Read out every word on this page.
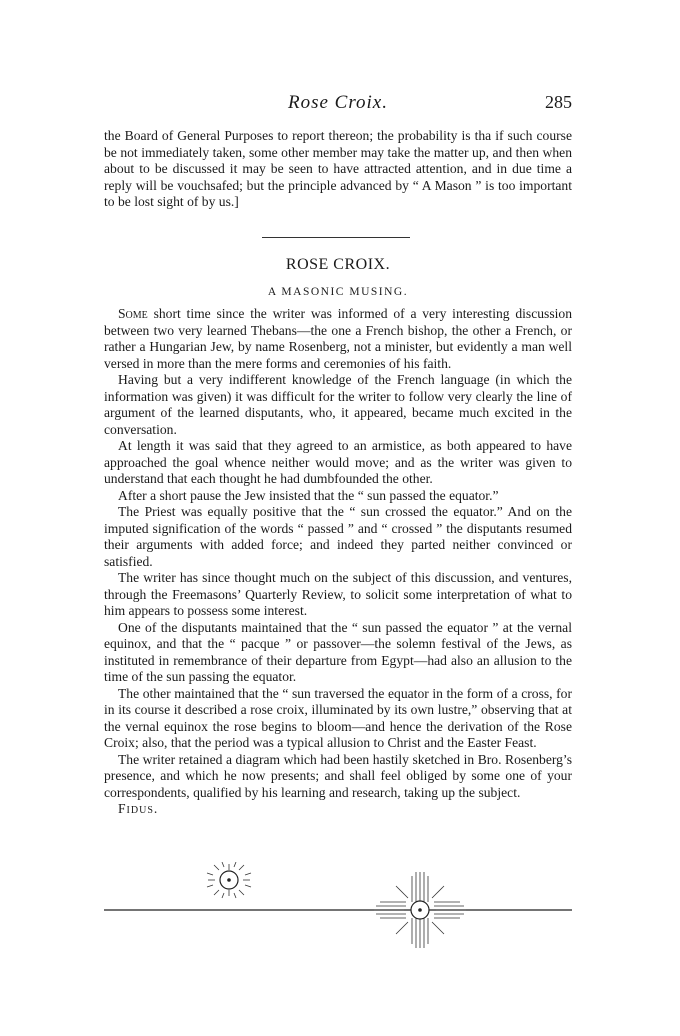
Rose Croix.	285

the Board of General Purposes to report thereon; the probability is tha if such course be not immediately taken, some other member may take the matter up, and then when about to be discussed it may be seen to have attracted attention, and in due time a reply will be vouchsafed; but the principle advanced by “ A Mason ” is too important to be lost sight of by us.]

ROSE CROIX.
A MASONIC MUSING.

Some short time since the writer was informed of a very interesting discussion between two very learned Thebans—the one a French bishop, the other a French, or rather a Hungarian Jew, by name Rosenberg, not a minister, but evidently a man well versed in more than the mere forms and ceremonies of his faith.

Having but a very indifferent knowledge of the French language (in which the information was given) it was difficult for the writer to follow very clearly the line of argument of the learned disputants, who, it appeared, became much excited in the conversation.

At length it was said that they agreed to an armistice, as both appeared to have approached the goal whence neither would move; and as the writer was given to understand that each thought he had dumbfounded the other.

After a short pause the Jew insisted that the “ sun passed the equator.”

The Priest was equally positive that the “ sun crossed the equator.” And on the imputed signification of the words “ passed ” and “ crossed ” the disputants resumed their arguments with added force; and indeed they parted neither convinced or satisfied.

The writer has since thought much on the subject of this discussion, and ventures, through the Freemasons’ Quarterly Review, to solicit some interpretation of what to him appears to possess some interest.

One of the disputants maintained that the “ sun passed the equator ” at the vernal equinox, and that the “ pacque ” or passover—the solemn festival of the Jews, as instituted in remembrance of their departure from Egypt—had also an allusion to the time of the sun passing the equator.

The other maintained that the “ sun traversed the equator in the form of a cross, for in its course it described a rose croix, illuminated by its own lustre,” observing that at the vernal equinox the rose begins to bloom—and hence the derivation of the Rose Croix; also, that the period was a typical allusion to Christ and the Easter Feast.

The writer retained a diagram which had been hastily sketched in Bro. Rosenberg’s presence, and which he now presents; and shall feel obliged by some one of your correspondents, qualified by his learning and research, taking up the subject.

Fidus.
